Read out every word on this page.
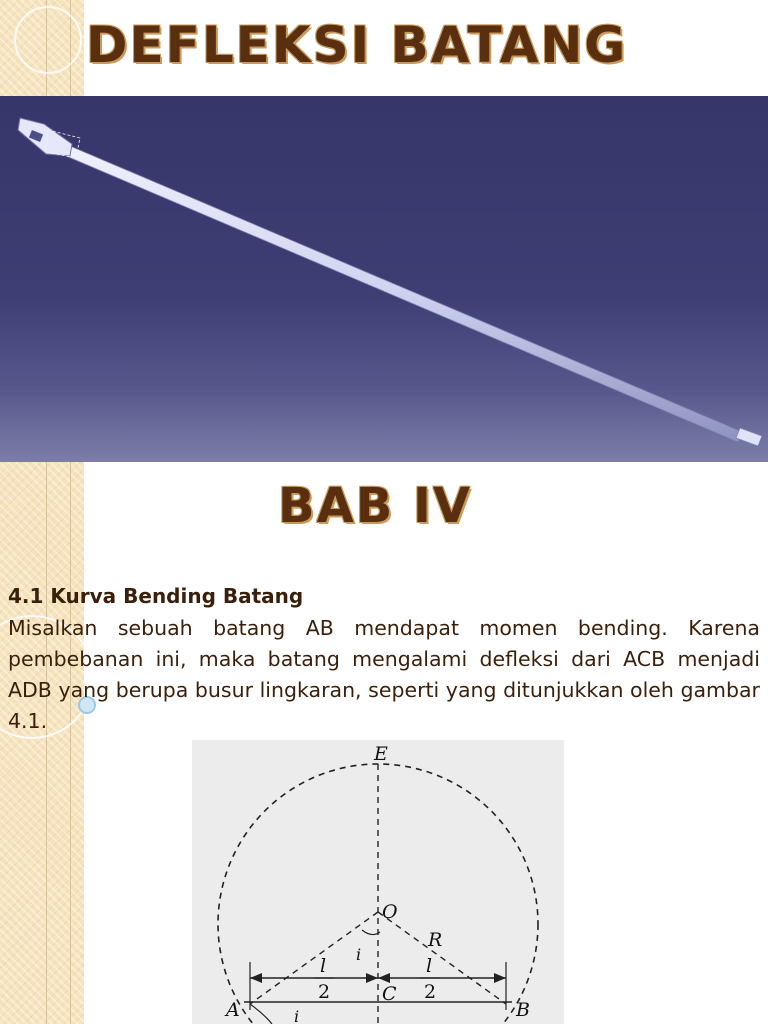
DEFLEKSI BATANG
BAB IV
4.1 Kurva Bending Batang
Misalkan sebuah batang AB mendapat momen bending. Karena pembebanan ini, maka batang mengalami defleksi dari ACB menjadi ADB yang berupa busur lingkaran, seperti yang ditunjukkan oleh gambar 4.1.
E
O
R
i
l
2	C
l
2
A	B
i
